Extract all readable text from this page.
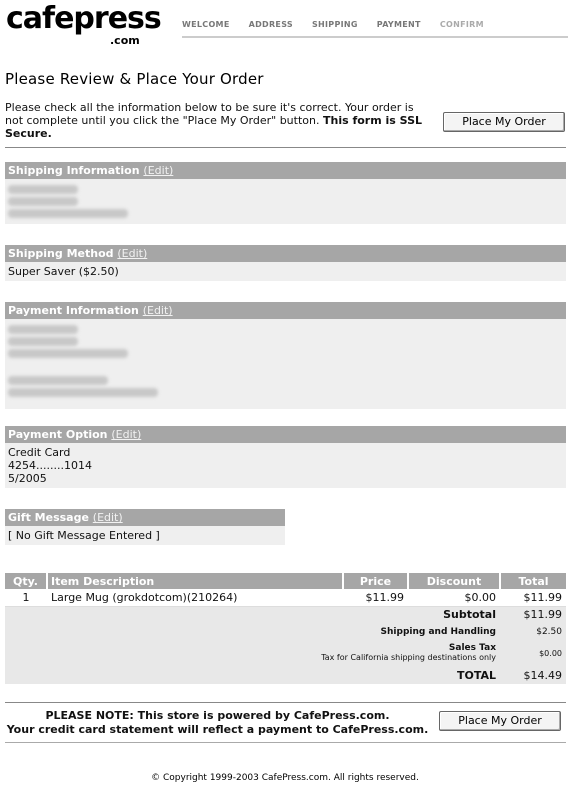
cafepress
.com
WELCOME ADDRESS SHIPPING PAYMENT CONFIRM
Please Review & Place Your Order
Please check all the information below to be sure it's correct. Your order is not complete until you click the "Place My Order" button. This form is SSL Secure.
Place My Order
Shipping Information (Edit)
Shipping Method (Edit)
Super Saver ($2.50)
Payment Information (Edit)
Payment Option (Edit)
Credit Card
4254........1014
5/2005
Gift Message (Edit)
[ No Gift Message Entered ]
Qty.	Item Description	Price	Discount	Total
1	Large Mug (grokdotcom)(210264)	$11.99	$0.00	$11.99
Subtotal				$11.99
Shipping and Handling				$2.50

Sales Tax
Tax for California shipping destinations only				$0.00
TOTAL				$14.49
PLEASE NOTE: This store is powered by CafePress.com.
Your credit card statement will reflect a payment to CafePress.com.
Place My Order
© Copyright 1999-2003 CafePress.com. All rights reserved.
